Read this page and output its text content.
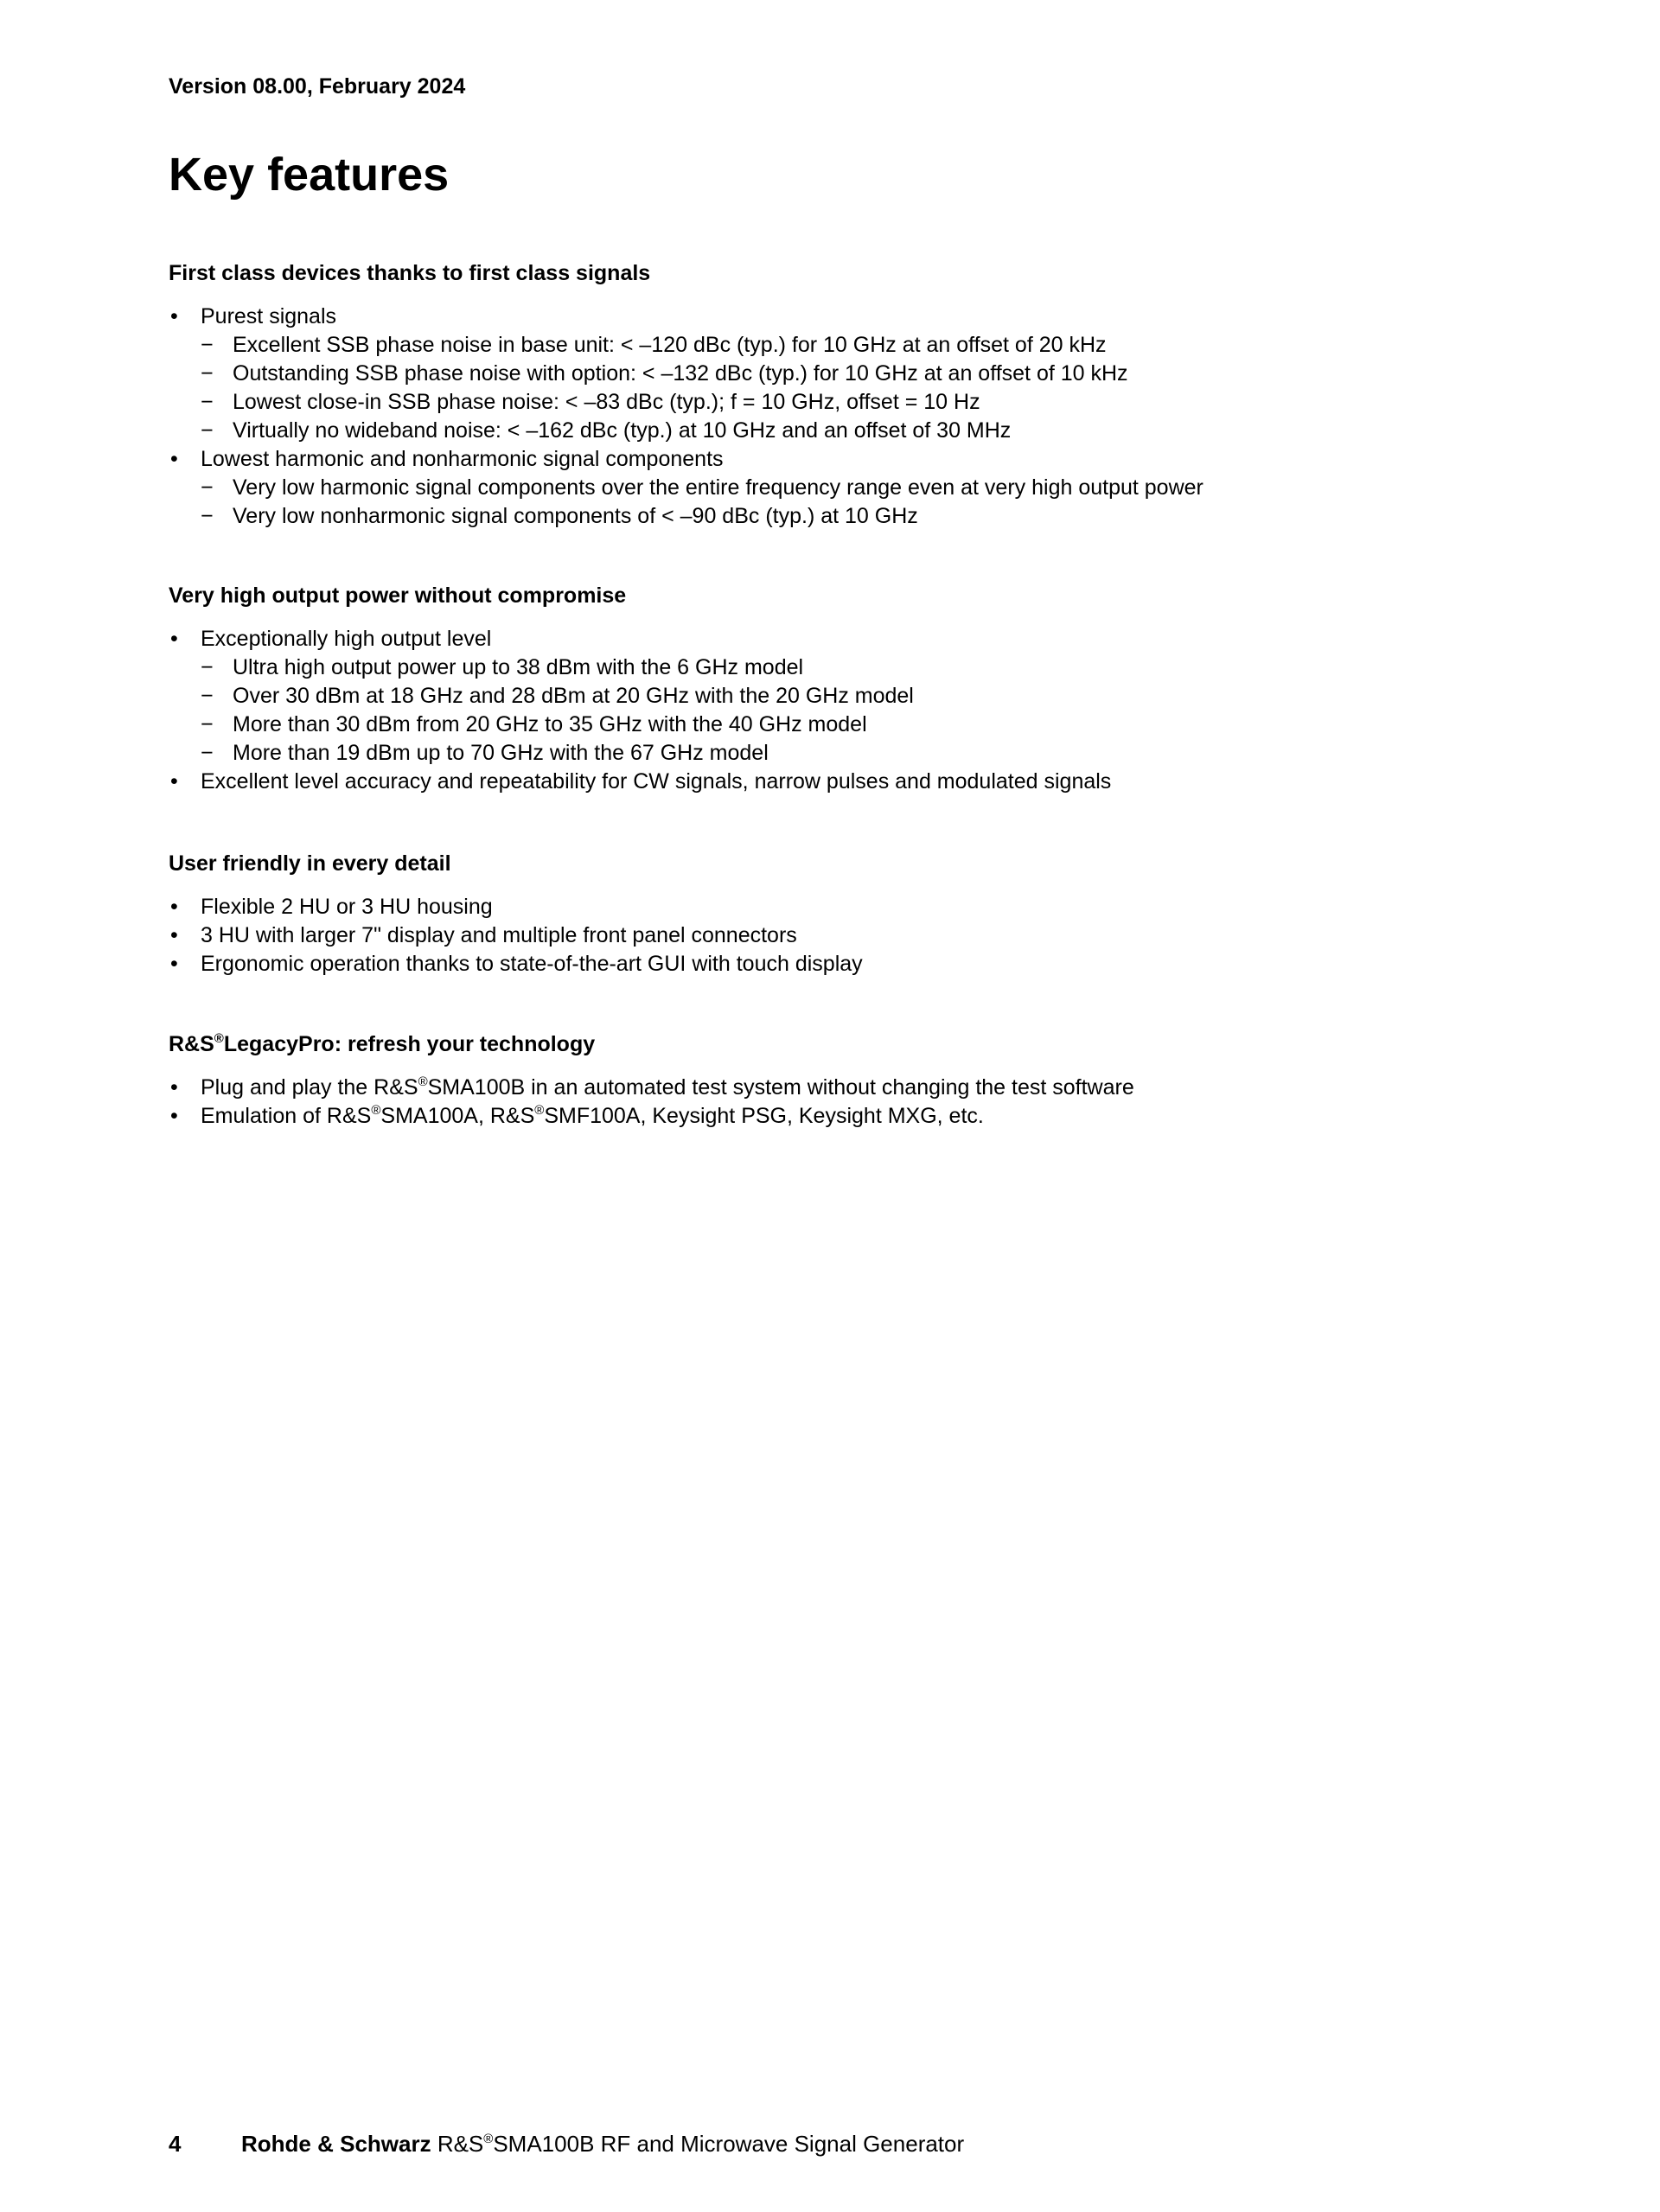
Version 08.00, February 2024
Key features
First class devices thanks to first class signals
•	Purest signals
− Excellent SSB phase noise in base unit: < –120 dBc (typ.) for 10 GHz at an offset of 20 kHz
− Outstanding SSB phase noise with option: < –132 dBc (typ.) for 10 GHz at an offset of 10 kHz
− Lowest close-in SSB phase noise: < –83 dBc (typ.); f = 10 GHz, offset = 10 Hz
− Virtually no wideband noise: < –162 dBc (typ.) at 10 GHz and an offset of 30 MHz
•	Lowest harmonic and nonharmonic signal components
− Very low harmonic signal components over the entire frequency range even at very high output power
− Very low nonharmonic signal components of < –90 dBc (typ.) at 10 GHz
Very high output power without compromise
•	Exceptionally high output level
− Ultra high output power up to 38 dBm with the 6 GHz model
− Over 30 dBm at 18 GHz and 28 dBm at 20 GHz with the 20 GHz model
− More than 30 dBm from 20 GHz to 35 GHz with the 40 GHz model
− More than 19 dBm up to 70 GHz with the 67 GHz model
•	Excellent level accuracy and repeatability for CW signals, narrow pulses and modulated signals
User friendly in every detail
•	Flexible 2 HU or 3 HU housing
•	3 HU with larger 7" display and multiple front panel connectors
•	Ergonomic operation thanks to state-of-the-art GUI with touch display
R&S®LegacyPro: refresh your technology
•	Plug and play the R&S®SMA100B in an automated test system without changing the test software
•	Emulation of R&S®SMA100A, R&S®SMF100A, Keysight PSG, Keysight MXG, etc.
4	Rohde & Schwarz R&S®SMA100B RF and Microwave Signal Generator
